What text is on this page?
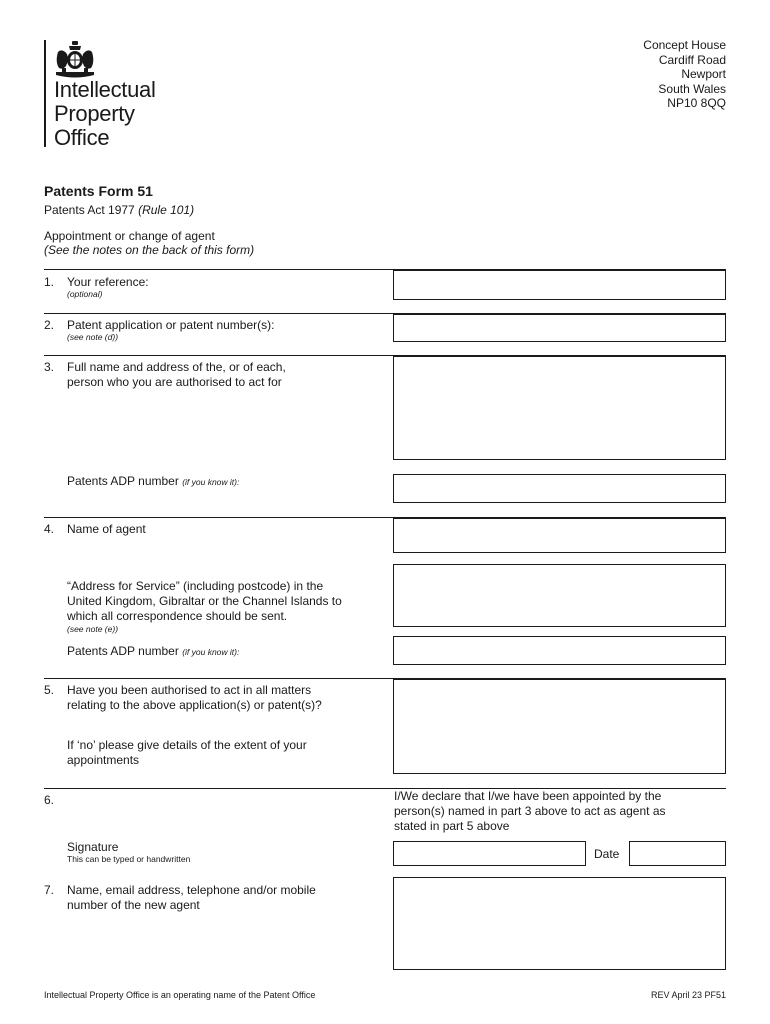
Intellectual
Property
Office
Concept House
Cardiff Road
Newport
South Wales
NP10 8QQ
Patents Form 51
Patents Act 1977 (Rule 101)
Appointment or change of agent
(See the notes on the back of this form)
1. Your reference:
(optional)
2. Patent application or patent number(s):
(see note (d))
3. Full name and address of the, or of each,
person who you are authorised to act for
Patents ADP number (if you know it):
4. Name of agent
“Address for Service” (including postcode) in the
United Kingdom, Gibraltar or the Channel Islands to
which all correspondence should be sent.
(see note (e))
Patents ADP number (if you know it):
5. Have you been authorised to act in all matters
relating to the above application(s) or patent(s)?
If ‘no’ please give details of the extent of your
appointments
6.	I/We declare that I/we have been appointed by the
person(s) named in part 3 above to act as agent as
stated in part 5 above
Signature
This can be typed or handwritten	Date
7. Name, email address, telephone and/or mobile
number of the new agent
Intellectual Property Office is an operating name of the Patent Office	REV April 23 PF51
